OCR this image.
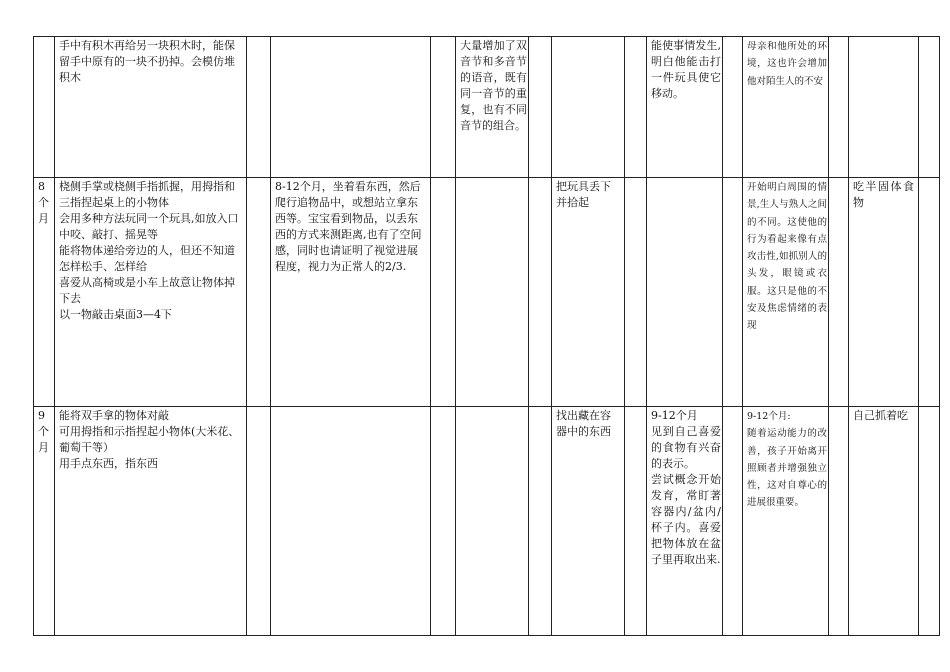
	手中有积木再给另一块积木时，能保留手中原有的一块不扔掉。会模仿堆积木				大量增加了双音节和多音节的语音，既有同一音节的重复，也有不同音节的组合。				能使事情发生,明白他能击打一件玩具使它移动。		母亲和他所处的环境，这也许会增加他对陌生人的不安			
8
个
月	桡侧手掌或桡侧手指抓握，用拇指和三指捏起桌上的小物体
会用多种方法玩同一个玩具,如放入口中咬、敲打、摇晃等
能将物体递给旁边的人，但还不知道怎样松手、怎样给
喜爱从高椅或是小车上故意让物体掉下去
以一物敲击桌面3—4下		8-12个月，坐着看东西，然后爬行追物品中，或想站立拿东西等。宝宝看到物品，以丢东西的方式来测距离,也有了空间感，同时也请证明了视觉进展程度，视力为正常人的2/3.				把玩具丢下并拾起				开始明白周围的情景,生人与熟人之间的不同。这使他的行为看起来像有点攻击性,如抓别人的头发，眼镜或衣服。这只是他的不安及焦虑情绪的表现		吃半固体食物	
9
个
月	能将双手拿的物体对敲
可用拇指和示指捏起小物体(大米花、葡萄干等）
用手点东西，指东西						找出藏在容器中的东西		9-12个月
见到自己喜爱的食物有兴奋的表示。
尝试概念开始发育，常盯著容器内/盆内/杯子内。喜爱把物体放在盆子里再取出来.		9-12个月:
随着运动能力的改善，孩子开始离开照顾者并增强独立性，这对自尊心的进展很重要。		自己抓着吃	
